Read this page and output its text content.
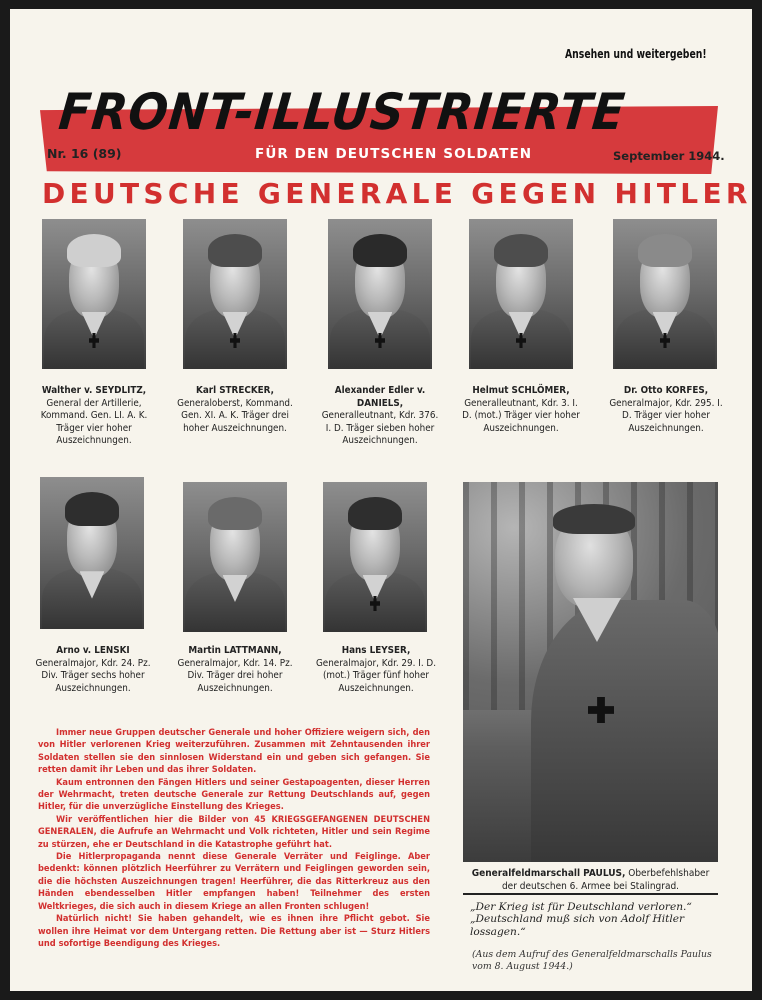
Ansehen und weitergeben!
FRONT-ILLUSTRIERTE
Nr. 16 (89)	FÜR DEN DEUTSCHEN SOLDATEN	September 1944.
DEUTSCHE GENERALE GEGEN HITLER
Walther v. SEYDLITZ,
General der Artillerie, Kommand. Gen. LI. A. K. Träger vier hoher Auszeichnungen.
Karl STRECKER,
Generaloberst, Kommand. Gen. XI. A. K. Träger drei hoher Auszeichnungen.
Alexander Edler v. DANIELS,
Generalleutnant, Kdr. 376. I. D. Träger sieben hoher Auszeichnungen.
Helmut SCHLÖMER,
Generalleutnant, Kdr. 3. I. D. (mot.) Träger vier hoher Auszeichnungen.
Dr. Otto KORFES,
Generalmajor, Kdr. 295. I. D. Träger vier hoher Auszeichnungen.
Arno v. LENSKI
Generalmajor, Kdr. 24. Pz. Div. Träger sechs hoher Auszeichnungen.
Martin LATTMANN,
Generalmajor, Kdr. 14. Pz. Div. Träger drei hoher Auszeichnungen.
Hans LEYSER,
Generalmajor, Kdr. 29. I. D. (mot.) Träger fünf hoher Auszeichnungen.
Generalfeldmarschall PAULUS, Oberbefehlshaber der deutschen 6. Armee bei Stalingrad.
„Der Krieg ist für Deutschland verloren.“
„Deutschland muß sich von Adolf Hitler lossagen.“
(Aus dem Aufruf des Generalfeldmarschalls Paulus vom 8. August 1944.)

Immer neue Gruppen deutscher Generale und hoher Offiziere weigern sich, den von Hitler verlorenen Krieg weiterzuführen. Zusammen mit Zehntausenden ihrer Soldaten stellen sie den sinnlosen Widerstand ein und geben sich gefangen. Sie retten damit ihr Leben und das ihrer Soldaten.

Kaum entronnen den Fängen Hitlers und seiner Gestapoagenten, dieser Herren der Wehrmacht, treten deutsche Generale zur Rettung Deutschlands auf, gegen Hitler, für die unverzügliche Einstellung des Krieges.

Wir veröffentlichen hier die Bilder von 45 KRIEGSGEFANGENEN DEUTSCHEN GENERALEN, die Aufrufe an Wehrmacht und Volk richteten, Hitler und sein Regime zu stürzen, ehe er Deutschland in die Katastrophe geführt hat.

Die Hitlerpropaganda nennt diese Generale Verräter und Feiglinge. Aber bedenkt: können plötzlich Heerführer zu Verrätern und Feiglingen geworden sein, die die höchsten Auszeichnungen tragen! Heerführer, die das Ritterkreuz aus den Händen ebendesselben Hitler empfangen haben! Teilnehmer des ersten Weltkrieges, die sich auch in diesem Kriege an allen Fronten schlugen!

Natürlich nicht! Sie haben gehandelt, wie es ihnen ihre Pflicht gebot. Sie wollen ihre Heimat vor dem Untergang retten. Die Rettung aber ist — Sturz Hitlers und sofortige Beendigung des Krieges.
